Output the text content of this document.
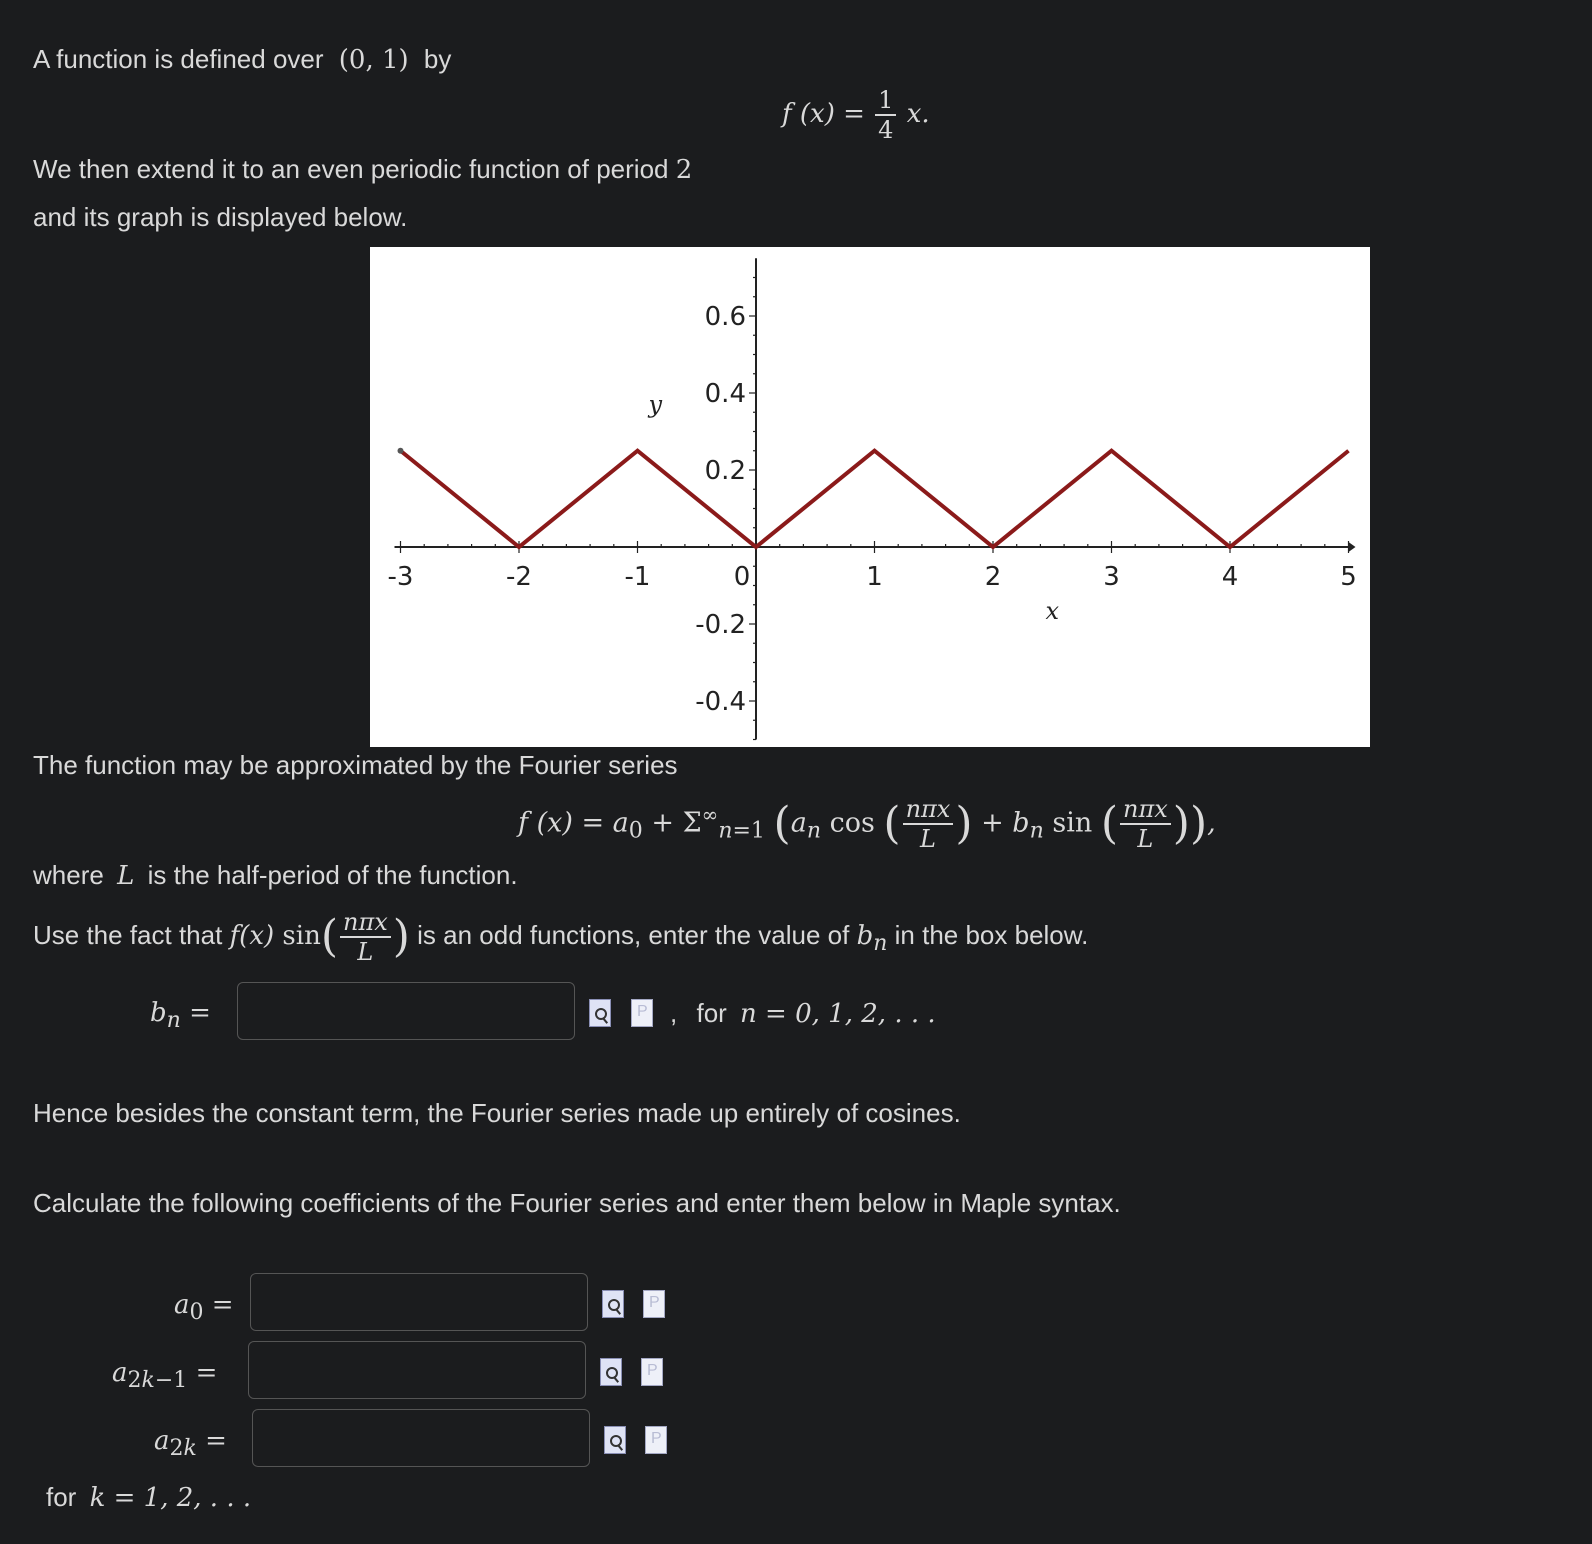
A function is defined over (0, 1) by
f $(x) = \frac{1}{4} x$.
We then extend it to an even periodic function of period 2
and its graph is displayed below.
-3	-2	-1	0	1	2	3	4	5
-0.4
-0.2
0.2
0.4
0.6
x
y
The function may be approximated by the Fourier series
f $(x) = a_0 + \Sigma^\infty_{n=1}$ ($a_n$ cos ( $\frac{\text{nπx}}{L}$ ) + $b_n$ sin ( $\frac{\text{nπx}}{L}$ )),
where L is the half-period of the function.
Use the fact that f(x) $\sin( \frac{\text{nπx}}{L}$ ) is an odd functions, enter the value of $b_n$ in the box below.
$b_n$ =
P	, for n = 0, 1, 2, . . .
Hence besides the constant term, the Fourier series made up entirely of cosines.
Calculate the following coefficients of the Fourier series and enter them below in Maple syntax.
$a_0$ =
P
$a_{2k-1}$ =
P
$a_{2k}$ =
P
for k = 1, 2, . . .
